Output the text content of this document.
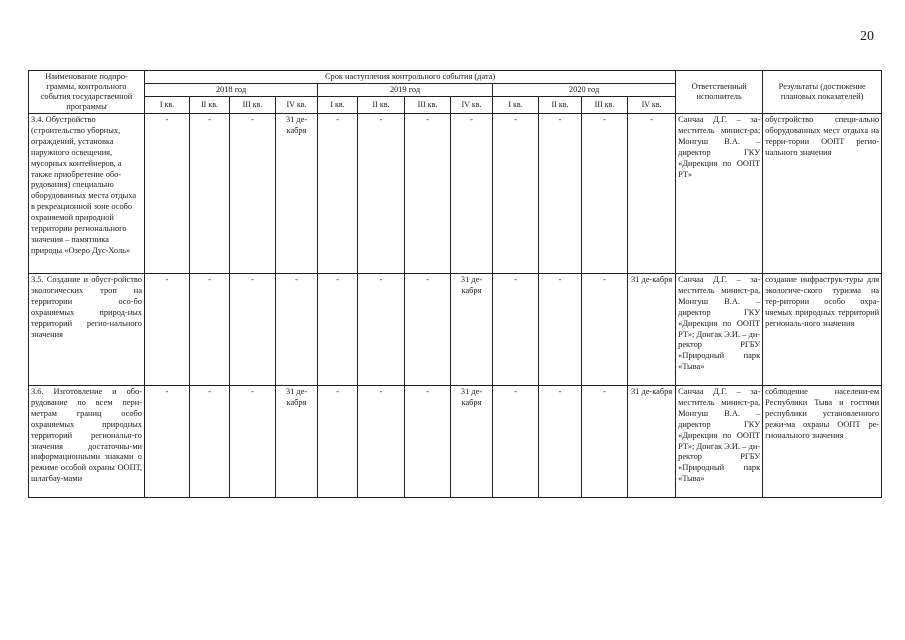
20
Наименование подпро-граммы, контрольного события государственной программы	Срок наступления контрольного события (дата)												Ответственный исполнитель	Результаты (достижение плановых показателей)
	2018 год				2019 год				2020 год					
	I кв.	II кв.	III кв.	IV кв.	I кв.	II кв.	III кв.	IV кв.	I кв.	II кв.	III кв.	IV кв.		
3.4. Обустройство (строительство уборных, ограждений, установка наружного освещения, мусорных контейнеров, а также приобретение обо-рудования) специально оборудованных места отдыха в рекреационной зоне особо охраняемой природной территории регионального значения – памятника природы «Озеро Дус-Холь»	-	-	-	31 де-кабря	-	-	-	-	-	-	-	-	Санчаа Д.Г. – за-меститель минист-ра; Монгуш В.А. – директор ГКУ «Дирекция по ООПТ РТ»	обустройство специ-ально оборудованных мест отдыха на терри-тории ООПТ регио-нального значения
3.5. Создание и обуст-ройство экологических троп на территории осо-бо охраняемых природ-ных территорий регио-нального значения	-	-	-	-	-	-	-	31 де-кабря	-	-	-	31 де-кабря	Санчаа Д.Г. – за-меститель минист-ра, Монгуш В.А. – директор ГКУ «Дирекция по ООПТ РТ»; Донгак Э.И. – ди-ректор РГБУ «Природный парк «Тыва»	создание инфраструк-туры для экологиче-ского туризма на тер-ритории особо охра-няемых природных территорий региональ-ного значения
3.6. Изготовление и обо-рудование по всем пери-метрам границ особо охраняемых природных территорий региональн-го значения достаточны-ми информационными знаками о режиме особой охраны ООПТ, шлагбау-мами	-	-	-	31 де-кабря	-	-	-	31 де-кабря	-	-	-	31 де-кабря	Санчаа Д.Г. – за-меститель минист-ра, Монгуш В.А. – директор ГКУ «Дирекция по ООПТ РТ»; Донгак Э.И. – ди-ректор РГБУ «Природный парк «Тыва»	соблюдение населени-ем Республики Тыва и гостями республики установленного режи-ма охраны ООПТ ре-гионального значения
